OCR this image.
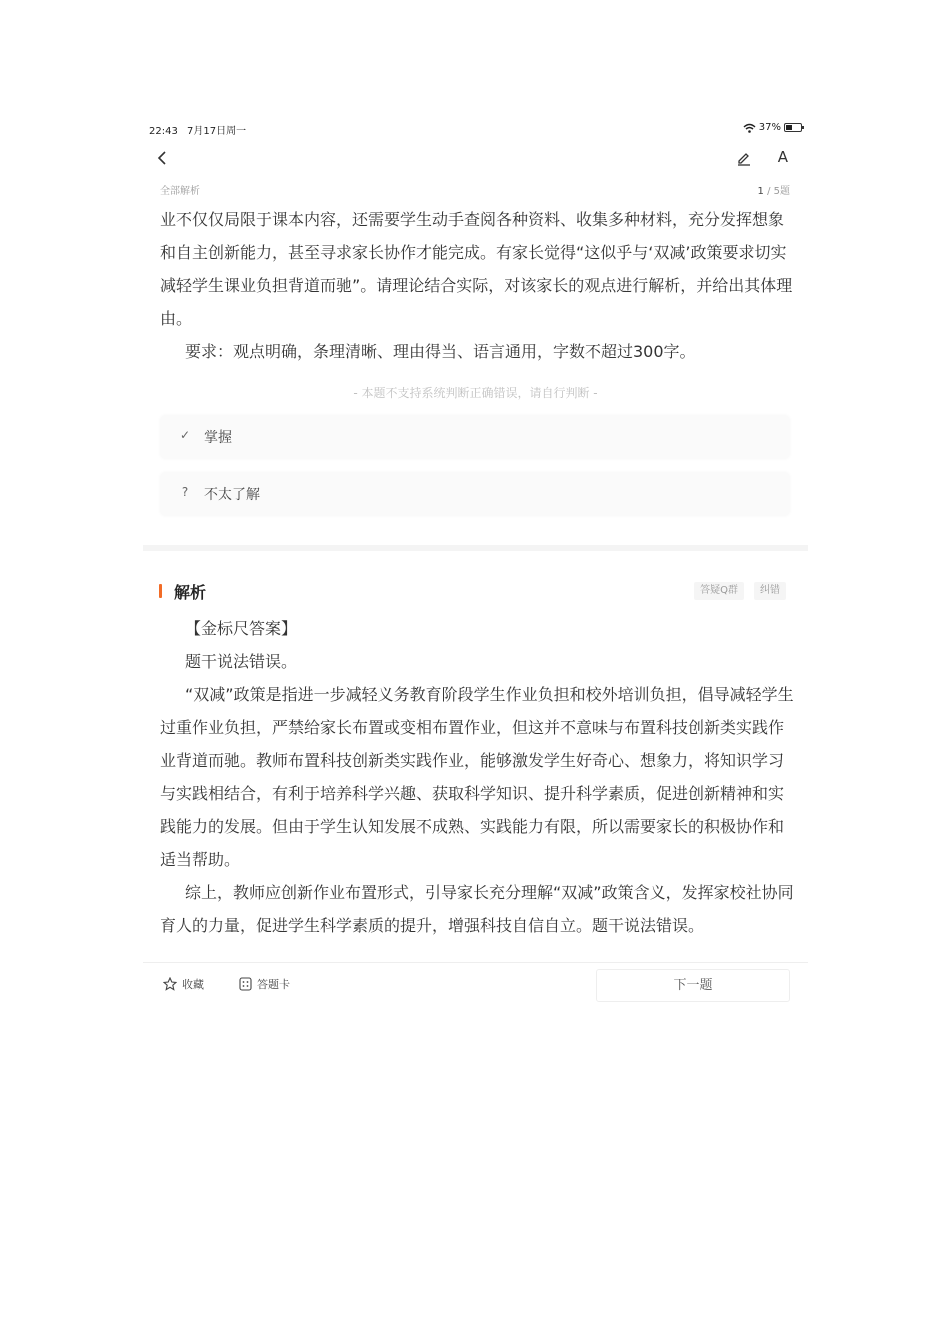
22:43 7月17日周一	37%
A
全部解析	1 / 5题

业不仅仅局限于课本内容，还需要学生动手查阅各种资料、收集多种材料，充分发挥想象和自主创新能力，甚至寻求家长协作才能完成。有家长觉得“这似乎与‘双减’政策要求切实减轻学生课业负担背道而驰”。请理论结合实际，对该家长的观点进行解析，并给出其体理由。

要求：观点明确，条理清晰、理由得当、语言通用，字数不超过300字。

- 本题不支持系统判断正确错误，请自行判断 -
✓ 掌握
? 不太了解
解析	答疑Q群	纠错

【金标尺答案】

题干说法错误。

“双减”政策是指进一步减轻义务教育阶段学生作业负担和校外培训负担，倡导减轻学生过重作业负担，严禁给家长布置或变相布置作业，但这并不意味与布置科技创新类实践作业背道而驰。教师布置科技创新类实践作业，能够激发学生好奇心、想象力，将知识学习与实践相结合，有利于培养科学兴趣、获取科学知识、提升科学素质，促进创新精神和实践能力的发展。但由于学生认知发展不成熟、实践能力有限，所以需要家长的积极协作和适当帮助。

综上，教师应创新作业布置形式，引导家长充分理解“双减”政策含义，发挥家校社协同育人的力量，促进学生科学素质的提升，增强科技自信自立。题干说法错误。

收藏	答题卡	下一题
